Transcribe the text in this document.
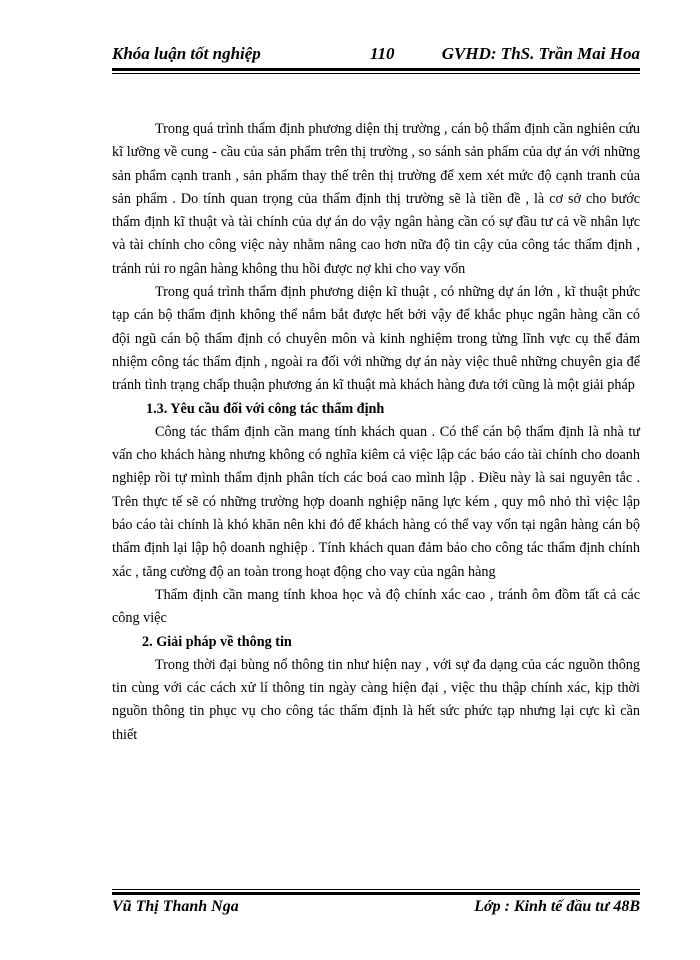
Khóa luận tốt nghiệp	110	GVHD: ThS. Trần Mai Hoa

Trong quá trình thẩm định phương diện thị trường , cán bộ thẩm định cần nghiên cứu kĩ lưỡng về cung - cầu của sản phẩm trên thị trường , so sánh sản phẩm của dự án với những sản phẩm cạnh tranh , sản phẩm thay thế trên thị trường để xem xét mức độ cạnh tranh của sản phẩm . Do tính quan trọng của thẩm định thị trường sẽ là tiền đề , là cơ sở cho bước thẩm định kĩ thuật và tài chính của dự án do vậy ngân hàng cần có sự đầu tư cả về nhân lực và tài chính cho công việc này nhằm nâng cao hơn nữa độ tin cậy của công tác thẩm định , tránh rủi ro ngân hàng không thu hồi được nợ khi cho vay vốn

Trong quá trình thẩm định phương diện kĩ thuật , có những dự án lớn , kĩ thuật phức tạp cán bộ thẩm định không thể nắm bắt được hết bởi vậy để khắc phục ngân hàng cần có đội ngũ cán bộ thẩm định có chuyên môn và kinh nghiệm trong từng lĩnh vực cụ thể đảm nhiệm công tác thẩm định , ngoài ra đối với những dự án này việc thuê những chuyên gia để tránh tình trạng chấp thuận phương án kĩ thuật mà khách hàng đưa tới cũng là một giải pháp

1.3. Yêu cầu đối với công tác thẩm định

Công tác thẩm định cần mang tính khách quan . Có thể cán bộ thẩm định là nhà tư vấn cho khách hàng nhưng không có nghĩa kiêm cả việc lập các báo cáo tài chính cho doanh nghiệp rồi tự mình thẩm định phân tích các boá cao mình lập . Điều này là sai nguyên tắc . Trên thực tế sẽ có những trường hợp doanh nghiệp năng lực kém , quy mô nhỏ thì việc lập báo cáo tài chính là khó khăn nên khi đó để khách hàng có thể vay vốn tại ngân hàng cán bộ thẩm định lại lập hộ doanh nghiệp . Tính khách quan đảm bảo cho công tác thẩm định chính xác , tăng cường độ an toàn trong hoạt động cho vay của ngân hàng

Thẩm định cần mang tính khoa học và độ chính xác cao , tránh ôm đồm tất cả các công việc

2. Giải pháp về thông tin

Trong thời đại bùng nổ thông tin như hiện nay , với sự đa dạng của các nguồn thông tin cùng với các cách xử lí thông tin ngày càng hiện đại , việc thu thập chính xác, kịp thời nguồn thông tin phục vụ cho công tác thẩm định là hết sức phức tạp nhưng lại cực kì cần thiết

Vũ Thị Thanh Nga	Lớp : Kinh tế đầu tư 48B
